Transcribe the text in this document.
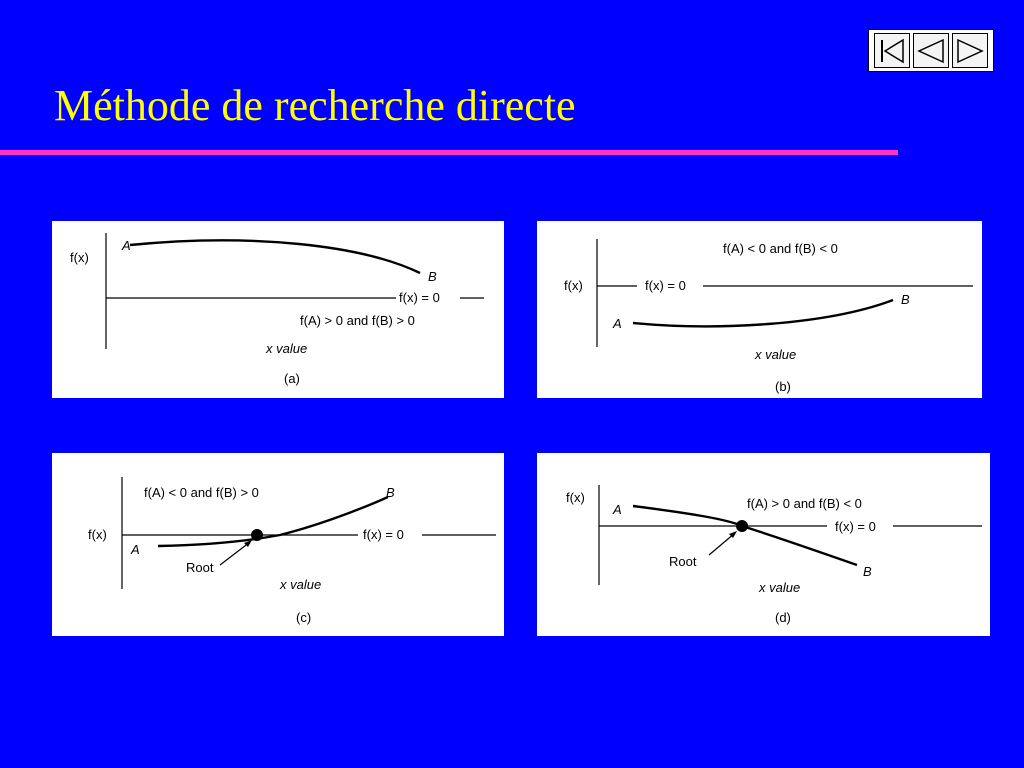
Méthode de recherche directe
f(x)
A
B
f(x) = 0
f(A) > 0 and f(B) > 0
x value
(a)
f(A) < 0 and f(B) < 0
f(x)	f(x) = 0
A
B
x value
(b)
f(A) < 0 and f(B) > 0	B
f(x)	f(x) = 0
A
Root
x value
(c)
f(x)	f(A) > 0 and f(B) < 0
A
f(x) = 0
Root
B
x value
(d)
